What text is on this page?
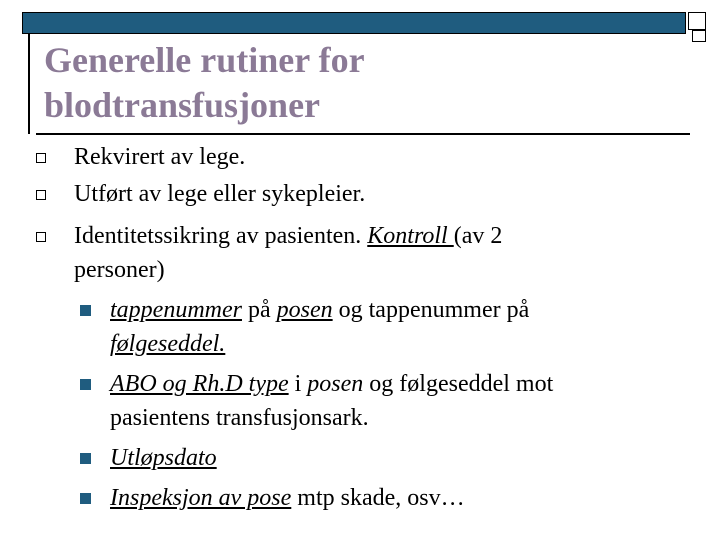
Generelle rutiner for
blodtransfusjoner
Rekvirert av lege.
Utført av lege eller sykepleier.
Identitetssikring av pasienten. Kontroll (av 2
personer)
tappenummer på posen og tappenummer på
følgeseddel.
ABO og Rh.D type i posen og følgeseddel mot
pasientens transfusjonsark.
Utløpsdato
Inspeksjon av pose mtp skade, osv…
